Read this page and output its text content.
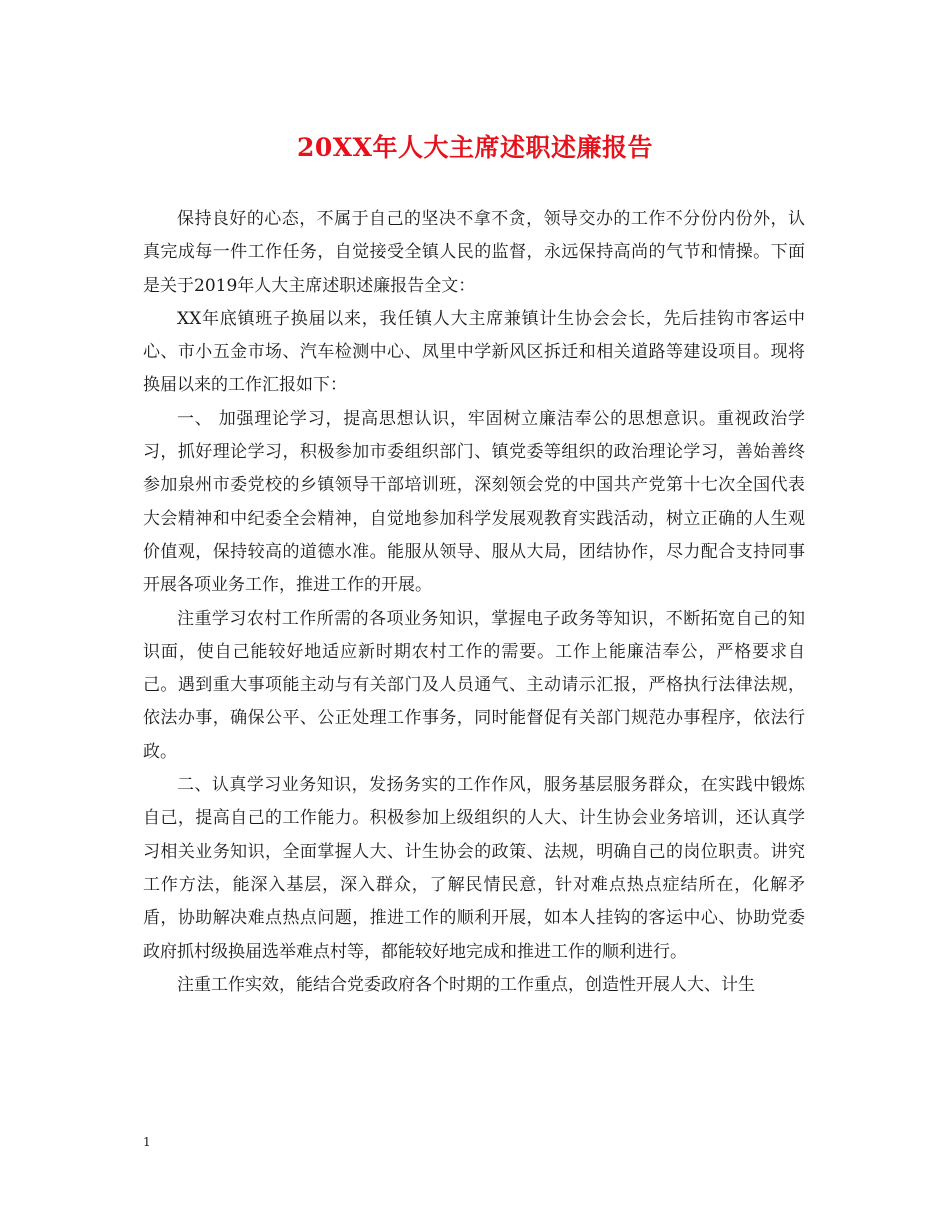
20XX年人大主席述职述廉报告

保持良好的心态，不属于自己的坚决不拿不贪，领导交办的工作不分份内份外，认真完成每一件工作任务，自觉接受全镇人民的监督，永远保持高尚的气节和情操。下面是关于2019年人大主席述职述廉报告全文：

XX年底镇班子换届以来，我任镇人大主席兼镇计生协会会长，先后挂钩市客运中心、市小五金市场、汽车检测中心、凤里中学新风区拆迁和相关道路等建设项目。现将换届以来的工作汇报如下：

一、 加强理论学习，提高思想认识，牢固树立廉洁奉公的思想意识。重视政治学习，抓好理论学习，积极参加市委组织部门、镇党委等组织的政治理论学习，善始善终参加泉州市委党校的乡镇领导干部培训班，深刻领会党的中国共产党第十七次全国代表大会精神和中纪委全会精神，自觉地参加科学发展观教育实践活动，树立正确的人生观价值观，保持较高的道德水准。能服从领导、服从大局，团结协作，尽力配合支持同事开展各项业务工作，推进工作的开展。

注重学习农村工作所需的各项业务知识，掌握电子政务等知识，不断拓宽自己的知识面，使自己能较好地适应新时期农村工作的需要。工作上能廉洁奉公，严格要求自己。遇到重大事项能主动与有关部门及人员通气、主动请示汇报，严格执行法律法规，依法办事，确保公平、公正处理工作事务，同时能督促有关部门规范办事程序，依法行政。

二、认真学习业务知识，发扬务实的工作作风，服务基层服务群众，在实践中锻炼自己，提高自己的工作能力。积极参加上级组织的人大、计生协会业务培训，还认真学习相关业务知识，全面掌握人大、计生协会的政策、法规，明确自己的岗位职责。讲究工作方法，能深入基层，深入群众，了解民情民意，针对难点热点症结所在，化解矛盾，协助解决难点热点问题，推进工作的顺利开展，如本人挂钩的客运中心、协助党委政府抓村级换届选举难点村等，都能较好地完成和推进工作的顺利进行。

注重工作实效，能结合党委政府各个时期的工作重点，创造性开展人大、计生

1
